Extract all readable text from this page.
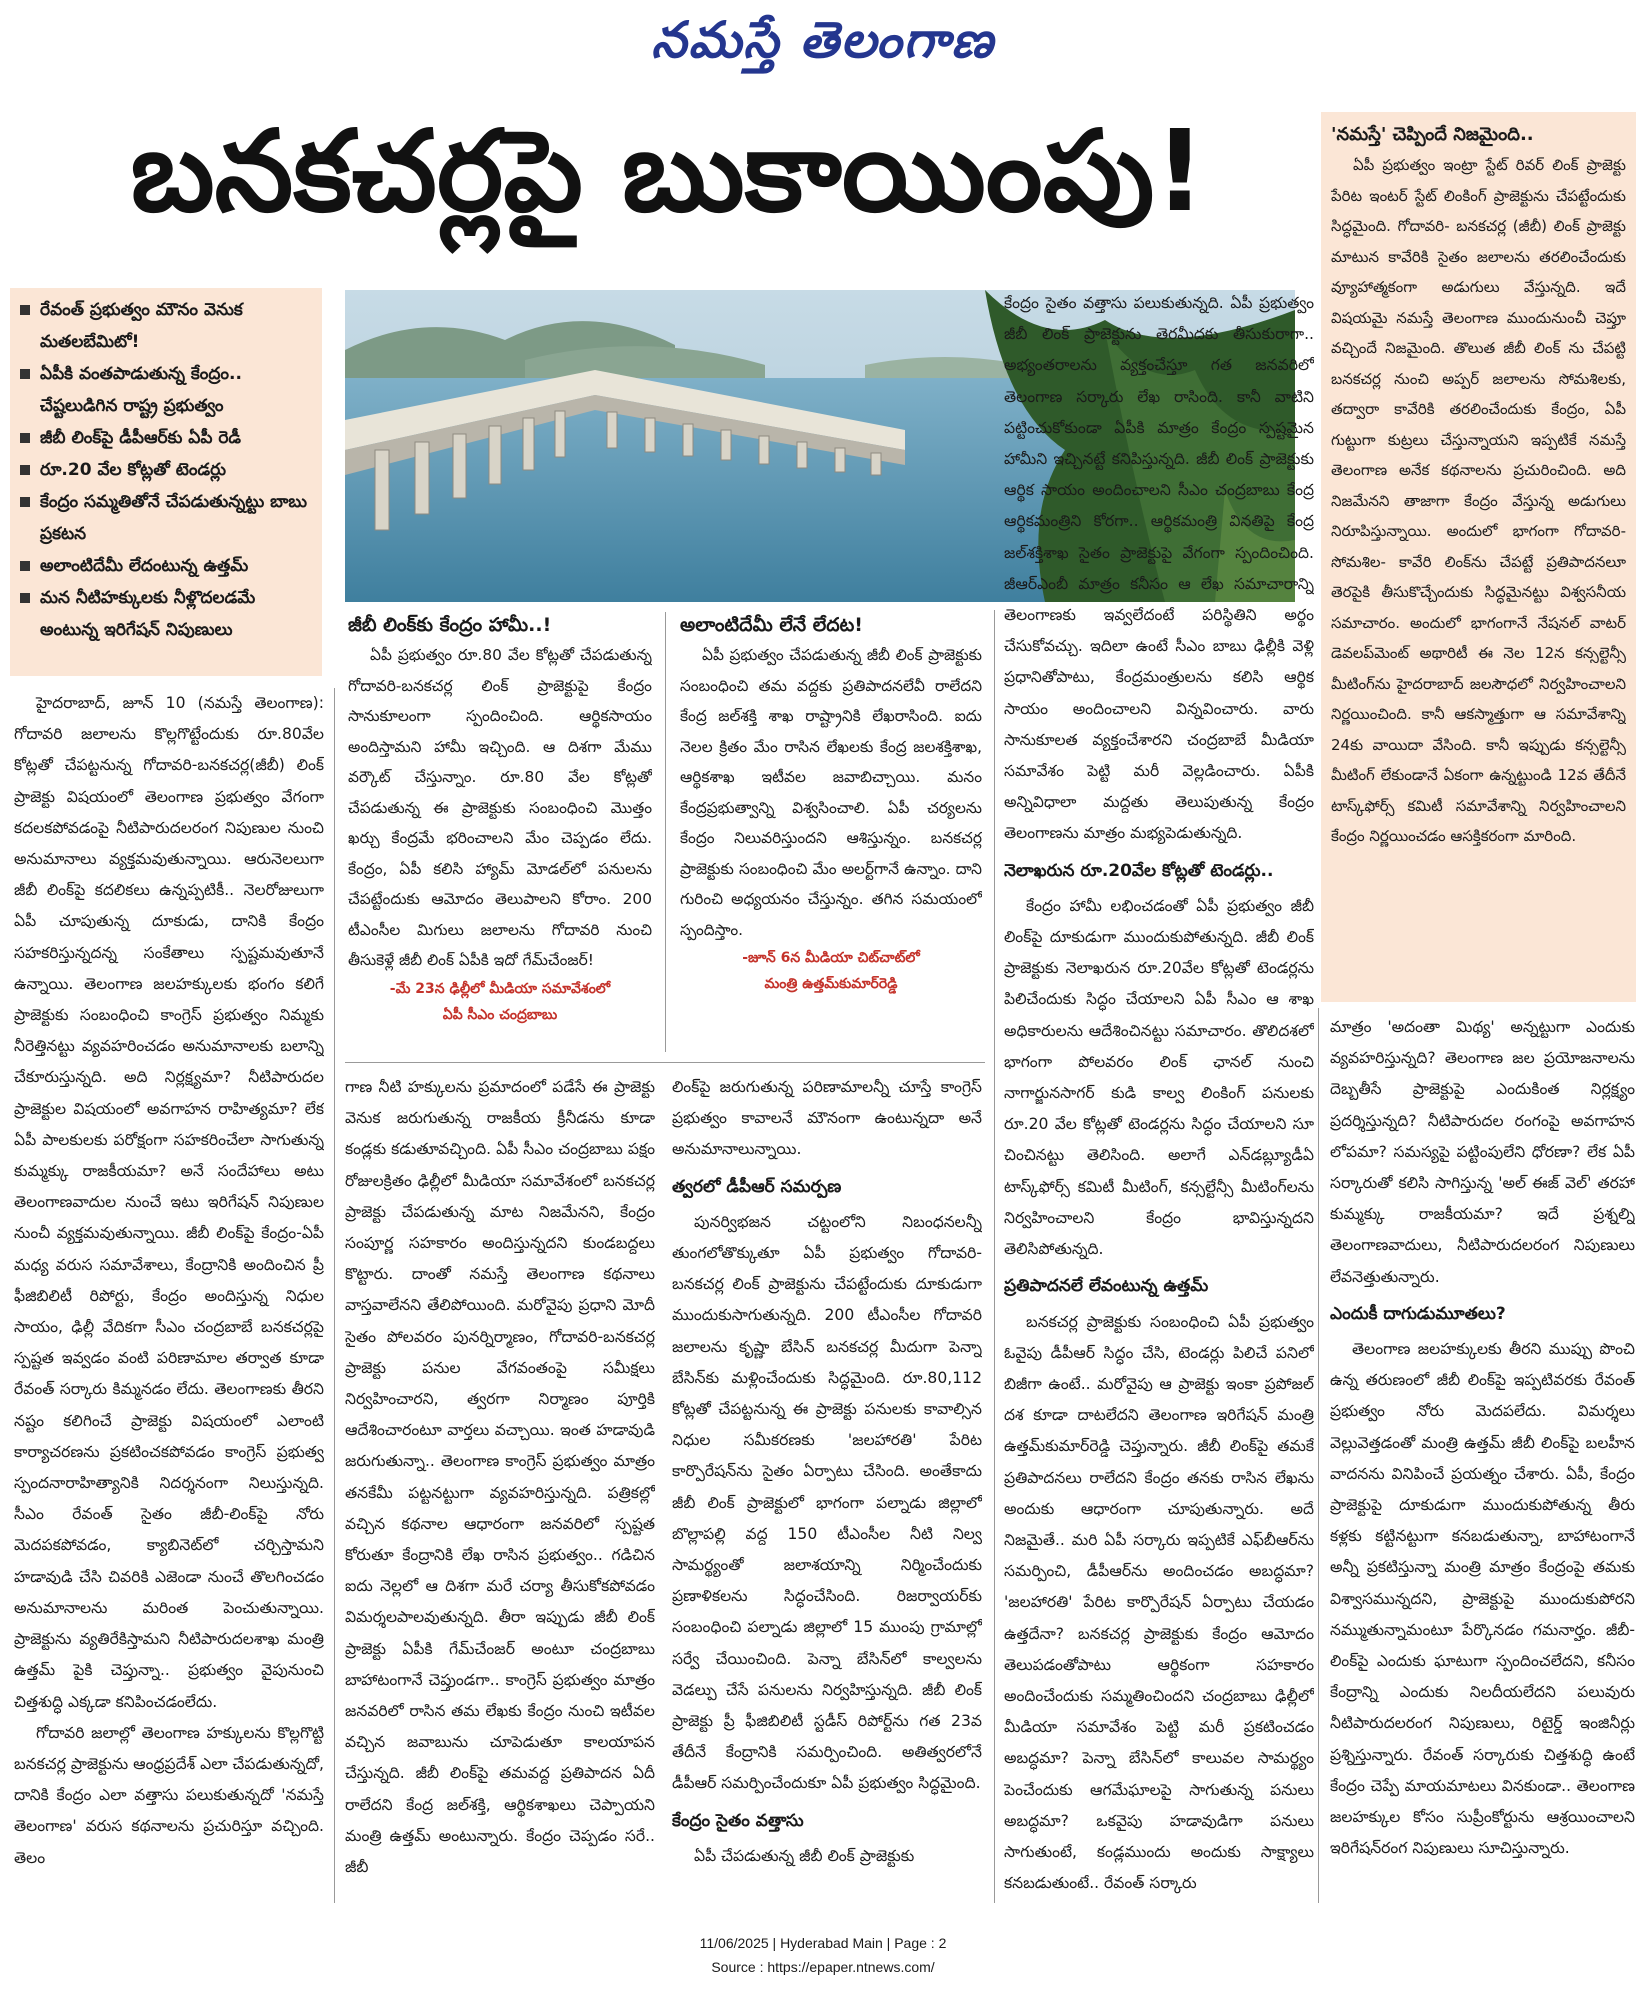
నమస్తే తెలంగాణ
బనకచర్లపై బుకాయింపు!	'నమస్తే' చెప్పిందే నిజమైంది..

ఏపీ ప్రభుత్వం ఇంట్రా స్టేట్ రివర్ లింక్ ప్రాజెక్టు పేరిట ఇంటర్ స్టేట్ లింకింగ్ ప్రాజెక్టును చేపట్టేందుకు సిద్ధమైంది. గోదావరి- బనకచర్ల (జీబీ) లింక్ ప్రాజెక్టు మాటున కావేరికి సైతం జలాలను తరలించేందుకు వ్యూహాత్మకంగా అడుగులు వేస్తున్నది. ఇదే విషయమై నమస్తే తెలంగాణ ముందునుంచీ చెప్తూ వచ్చిందే నిజమైంది. తొలుత జీబీ లింక్ ను చేపట్టి బనకచర్ల నుంచి అప్పర్ జలాలను సోమశిలకు, తద్వారా కావేరికి తరలించేందుకు కేంద్రం, ఏపీ గుట్టుగా కుట్రలు చేస్తున్నాయని ఇప్పటికే నమస్తే తెలంగాణ అనేక కథనాలను ప్రచురించింది. అది నిజమేనని తాజాగా కేంద్రం వేస్తున్న అడుగులు నిరూపిస్తున్నాయి. అందులో భాగంగా గోదావరి- సోమశిల- కావేరి లింక్‌ను చేపట్టే ప్రతిపాదనలూ తెరపైకి తీసుకొచ్చేందుకు సిద్ధమైనట్టు విశ్వసనీయ సమాచారం. అందులో భాగంగానే నేషనల్ వాటర్ డెవలప్‌మెంట్ అథారిటీ ఈ నెల 12న కన్సల్టెన్సీ మీటింగ్‌ను హైదరాబాద్ జలసౌధలో నిర్వహించాలని నిర్ణయించింది. కానీ ఆకస్మాత్తుగా ఆ సమావేశాన్ని 24కు వాయిదా వేసింది. కానీ ఇప్పుడు కన్సల్టెన్సీ మీటింగ్ లేకుండానే ఏకంగా ఉన్నట్టుండి 12వ తేదీనే టాస్క్‌ఫోర్స్ కమిటీ సమావేశాన్ని నిర్వహించాలని కేంద్రం నిర్ణయించడం ఆసక్తికరంగా మారింది.

రేవంత్ ప్రభుత్వం మౌనం వెనుక మతలబేమిటో!
ఏపీకి వంతపాడుతున్న కేంద్రం.. చేష్టలుడిగిన రాష్ట్ర ప్రభుత్వం
జీబీ లింక్‌పై డీపీఆర్‌కు ఏపీ రెడీ
రూ.20 వేల కోట్లతో టెండర్లు
కేంద్రం సమ్మతితోనే చేపడుతున్నట్టు బాబు ప్రకటన
అలాంటిదేమీ లేదంటున్న ఉత్తమ్
మన నీటిహక్కులకు నీళ్లొదలడమే అంటున్న ఇరిగేషన్ నిపుణులు	జీబీ లింక్‌కు కేంద్రం హామీ..!

ఏపీ ప్రభుత్వం రూ.80 వేల కోట్లతో చేపడుతున్న గోదావరి-బనకచర్ల లింక్ ప్రాజెక్టుపై కేంద్రం సానుకూలంగా స్పందించింది. ఆర్థికసాయం అందిస్తామని హామీ ఇచ్చింది. ఆ దిశగా మేము వర్కౌట్ చేస్తున్నాం. రూ.80 వేల కోట్లతో చేపడుతున్న ఈ ప్రాజెక్టుకు సంబంధించి మొత్తం ఖర్చు కేంద్రమే భరించాలని మేం చెప్పడం లేదు. కేంద్రం, ఏపీ కలిసి హ్యామ్ మోడల్‌లో పనులను చేపట్టేందుకు ఆమోదం తెలుపాలని కోరాం. 200 టీఎంసీల మిగులు జలాలను గోదావరి నుంచి తీసుకెళ్లే జీబీ లింక్ ఏపీకి ఇదో గేమ్‌చేంజర్!

-మే 23న ఢిల్లీలో మీడియా సమావేశంలో
ఏపీ సీఎం చంద్రబాబు
అలాంటిదేమీ లేనే లేదట!

ఏపీ ప్రభుత్వం చేపడుతున్న జీబీ లింక్ ప్రాజెక్టుకు సంబంధించి తమ వద్దకు ప్రతిపాదనలేవీ రాలేదని కేంద్ర జల్‌శక్తి శాఖ రాష్ట్రానికి లేఖరాసింది. ఐదు నెలల క్రితం మేం రాసిన లేఖలకు కేంద్ర జలశక్తిశాఖ, ఆర్థికశాఖ ఇటీవల జవాబిచ్చాయి. మనం కేంద్రప్రభుత్వాన్ని విశ్వసించాలి. ఏపీ చర్యలను కేంద్రం నిలువరిస్తుందని ఆశిస్తున్నం. బనకచర్ల ప్రాజెక్టుకు సంబంధించి మేం అలర్ట్‌గానే ఉన్నాం. దాని గురించి అధ్యయనం చేస్తున్నం. తగిన సమయంలో స్పందిస్తాం.

-జూన్ 6న మీడియా చిట్‌చాట్‌లో
మంత్రి ఉత్తమ్‌కుమార్‌రెడ్డి

హైదరాబాద్, జూన్ 10 (నమస్తే తెలంగాణ): గోదావరి జలాలను కొల్లగొట్టేందుకు రూ.80వేల కోట్లతో చేపట్టనున్న గోదావరి-బనకచర్ల(జీబీ) లింక్ ప్రాజెక్టు విషయంలో తెలంగాణ ప్రభుత్వం వేగంగా కదలకపోవడంపై నీటిపారుదలరంగ నిపుణుల నుంచి అనుమానాలు వ్యక్తమవుతున్నాయి. ఆరునెలలుగా జీబీ లింక్‌పై కదలికలు ఉన్నప్పటికీ.. నెలరోజులుగా ఏపీ చూపుతున్న దూకుడు, దానికి కేంద్రం సహకరిస్తున్నదన్న సంకేతాలు స్పష్టమవుతూనే ఉన్నాయి. తెలంగాణ జలహక్కులకు భంగం కలిగే ప్రాజెక్టుకు సంబంధించి కాంగ్రెస్ ప్రభుత్వం నిమ్మకు నీరెత్తినట్టు వ్యవహరించడం అనుమానాలకు బలాన్ని చేకూరుస్తున్నది. అది నిర్లక్ష్యమా? నీటిపారుదల ప్రాజెక్టుల విషయంలో అవగాహన రాహిత్యమా? లేక ఏపీ పాలకులకు పరోక్షంగా సహకరించేలా సాగుతున్న కుమ్మక్కు రాజకీయమా? అనే సందేహాలు అటు తెలంగాణవాదుల నుంచే ఇటు ఇరిగేషన్ నిపుణుల నుంచీ వ్యక్తమవుతున్నాయి. జీబీ లింక్‌పై కేంద్రం-ఏపీ మధ్య వరుస సమావేశాలు, కేంద్రానికి అందించిన ప్రీ ఫీజిబిలిటీ రిపోర్టు, కేంద్రం అందిస్తున్న నిధుల సాయం, ఢిల్లీ వేదికగా సీఎం చంద్రబాబే బనకచర్లపై స్పష్టత ఇవ్వడం వంటి పరిణామాల తర్వాత కూడా రేవంత్ సర్కారు కిమ్మనడం లేదు. తెలంగాణకు తీరని నష్టం కలిగించే ప్రాజెక్టు విషయంలో ఎలాంటి కార్యాచరణను ప్రకటించకపోవడం కాంగ్రెస్ ప్రభుత్వ స్పందనారాహిత్యానికి నిదర్శనంగా నిలుస్తున్నది. సీఎం రేవంత్ సైతం జీబీ-లింక్‌పై నోరు మెదపకపోవడం, క్యాబినెట్‌లో చర్చిస్తామని హడావుడి చేసి చివరికి ఎజెండా నుంచే తొలగించడం అనుమానాలను మరింత పెంచుతున్నాయి. ప్రాజెక్టును వ్యతిరేకిస్తామని నీటిపారుదలశాఖ మంత్రి ఉత్తమ్ పైకి చెప్తున్నా.. ప్రభుత్వం వైపునుంచి చిత్తశుద్ధి ఎక్కడా కనిపించడంలేదు.

గోదావరి జలాల్లో తెలంగాణ హక్కులను కొల్లగొట్టి బనకచర్ల ప్రాజెక్టును ఆంధ్రప్రదేశ్ ఎలా చేపడుతున్నదో, దానికి కేంద్రం ఎలా వత్తాసు పలుకుతున్నదో 'నమస్తే తెలంగాణ' వరుస కథనాలను ప్రచురిస్తూ వచ్చింది. తెలం

గాణ నీటి హక్కులను ప్రమాదంలో పడేసే ఈ ప్రాజెక్టు వెనుక జరుగుతున్న రాజకీయ క్రీనీడను కూడా కండ్లకు కడుతూవచ్చింది. ఏపీ సీఎం చంద్రబాబు పక్షం రోజులక్రితం ఢిల్లీలో మీడియా సమావేశంలో బనకచర్ల ప్రాజెక్టు చేపడుతున్న మాట నిజమేనని, కేంద్రం సంపూర్ణ సహకారం అందిస్తున్నదని కుండబద్దలు కొట్టారు. దాంతో నమస్తే తెలంగాణ కథనాలు వాస్తవాలేనని తేలిపోయింది. మరోవైపు ప్రధాని మోదీ సైతం పోలవరం పునర్నిర్మాణం, గోదావరి-బనకచర్ల ప్రాజెక్టు పనుల వేగవంతంపై సమీక్షలు నిర్వహించారని, త్వరగా నిర్మాణం పూర్తికి ఆదేశించారంటూ వార్తలు వచ్చాయి. ఇంత హడావుడి జరుగుతున్నా.. తెలంగాణ కాంగ్రెస్ ప్రభుత్వం మాత్రం తనకేమీ పట్టనట్టుగా వ్యవహరిస్తున్నది. పత్రికల్లో వచ్చిన కథనాల ఆధారంగా జనవరిలో స్పష్టత కోరుతూ కేంద్రానికి లేఖ రాసిన ప్రభుత్వం.. గడిచిన ఐదు నెల్లలో ఆ దిశగా మరే చర్యా తీసుకోకపోవడం విమర్శలపాలవుతున్నది. తీరా ఇప్పుడు జీబీ లింక్ ప్రాజెక్టు ఏపీకి గేమ్‌చేంజర్ అంటూ చంద్రబాబు బాహాటంగానే చెప్తుండగా.. కాంగ్రెస్ ప్రభుత్వం మాత్రం జనవరిలో రాసిన తమ లేఖకు కేంద్రం నుంచి ఇటీవల వచ్చిన జవాబును చూపెడుతూ కాలయాపన చేస్తున్నది. జీబీ లింక్‌పై తమవద్ద ప్రతిపాదన ఏదీ రాలేదని కేంద్ర జల్‌శక్తి, ఆర్థికశాఖలు చెప్పాయని మంత్రి ఉత్తమ్ అంటున్నారు. కేంద్రం చెప్పడం సరే.. జీబీ

లింక్‌పై జరుగుతున్న పరిణామాలన్నీ చూస్తే కాంగ్రెస్ ప్రభుత్వం కావాలనే మౌనంగా ఉంటున్నదా అనే అనుమానాలున్నాయి.

త్వరలో డీపీఆర్ సమర్పణ

పునర్విభజన చట్టంలోని నిబంధనలన్నీ తుంగలోతొక్కుతూ ఏపీ ప్రభుత్వం గోదావరి- బనకచర్ల లింక్ ప్రాజెక్టును చేపట్టేందుకు దూకుడుగా ముందుకుసాగుతున్నది. 200 టీఎంసీల గోదావరి జలాలను కృష్ణా బేసిన్ బనకచర్ల మీదుగా పెన్నా బేసిన్‌కు మళ్లించేందుకు సిద్ధమైంది. రూ.80,112 కోట్లతో చేపట్టనున్న ఈ ప్రాజెక్టు పనులకు కావాల్సిన నిధుల సమీకరణకు 'జలహారతి' పేరిట కార్పొరేషన్‌ను సైతం ఏర్పాటు చేసింది. అంతేకాదు జీబీ లింక్ ప్రాజెక్టులో భాగంగా పల్నాడు జిల్లాలో బొల్లాపల్లి వద్ద 150 టీఎంసీల నీటి నిల్వ సామర్థ్యంతో జలాశయాన్ని నిర్మించేందుకు ప్రణాళికలను సిద్ధంచేసింది. రిజర్వాయర్‌కు సంబంధించి పల్నాడు జిల్లాలో 15 ముంపు గ్రామాల్లో సర్వే చేయించింది. పెన్నా బేసిన్‌లో కాల్వలను వెడల్పు చేసే పనులను నిర్వహిస్తున్నది. జీబీ లింక్ ప్రాజెక్టు ప్రీ ఫీజిబిలిటీ స్టడీస్ రిపోర్ట్‌ను గత 23వ తేదీనే కేంద్రానికి సమర్పించింది. అతిత్వరలోనే డీపీఆర్ సమర్పించేందుకూ ఏపీ ప్రభుత్వం సిద్ధమైంది.

కేంద్రం సైతం వత్తాసు

ఏపీ చేపడుతున్న జీబీ లింక్ ప్రాజెక్టుకు

కేంద్రం సైతం వత్తాసు పలుకుతున్నది. ఏపీ ప్రభుత్వం జీబీ లింక్ ప్రాజెక్టును తెరమీదకు తీసుకురాగా.. అభ్యంతరాలను వ్యక్తంచేస్తూ గత జనవరిలో తెలంగాణ సర్కారు లేఖ రాసింది. కానీ వాటిని పట్టించుకోకుండా ఏపీకి మాత్రం కేంద్రం స్పష్టమైన హామీని ఇచ్చినట్టే కనిపిస్తున్నది. జీబీ లింక్ ప్రాజెక్టుకు ఆర్థిక సాయం అందించాలని సీఎం చంద్రబాబు కేంద్ర ఆర్థికమంత్రిని కోరగా.. ఆర్థికమంత్రి వినతిపై కేంద్ర జల్‌శక్తిశాఖ సైతం ప్రాజెక్టుపై వేగంగా స్పందించింది. జీఆర్‌ఎంబీ మాత్రం కనీసం ఆ లేఖ సమాచారాన్ని తెలంగాణకు ఇవ్వలేదంటే పరిస్థితిని అర్థం చేసుకోవచ్చు. ఇదిలా ఉంటే సీఎం బాబు ఢిల్లీకి వెళ్లి ప్రధానితోపాటు, కేంద్రమంత్రులను కలిసి ఆర్థిక సాయం అందించాలని విన్నవించారు. వారు సానుకూలత వ్యక్తంచేశారని చంద్రబాబే మీడియా సమావేశం పెట్టి మరీ వెల్లడించారు. ఏపీకి అన్నివిధాలా మద్దతు తెలుపుతున్న కేంద్రం తెలంగాణను మాత్రం మభ్యపెడుతున్నది.

నెలాఖరున రూ.20వేల కోట్లతో టెండర్లు..

కేంద్రం హామీ లభించడంతో ఏపీ ప్రభుత్వం జీబీ లింక్‌పై దూకుడుగా ముందుకుపోతున్నది. జీబీ లింక్ ప్రాజెక్టుకు నెలాఖరున రూ.20వేల కోట్లతో టెండర్లను పిలిచేందుకు సిద్ధం చేయాలని ఏపీ సీఎం ఆ శాఖ అధికారులను ఆదేశించినట్టు సమాచారం. తొలిదశలో భాగంగా పోలవరం లింక్ ఛానల్ నుంచి నాగార్జునసాగర్ కుడి కాల్వ లింకింగ్ పనులకు రూ.20 వేల కోట్లతో టెండర్లను సిద్ధం చేయాలని సూ చించినట్టు తెలిసింది. అలాగే ఎన్‌డబ్ల్యూడీఏ టాస్క్‌ఫోర్స్ కమిటీ మీటింగ్, కన్సల్టేన్సీ మీటింగ్‌లను నిర్వహించాలని కేంద్రం భావిస్తున్నదని తెలిసిపోతున్నది.

ప్రతిపాదనలే లేవంటున్న ఉత్తమ్

బనకచర్ల ప్రాజెక్టుకు సంబంధించి ఏపీ ప్రభుత్వం ఓవైపు డీపీఆర్ సిద్ధం చేసి, టెండర్లు పిలిచే పనిలో బిజీగా ఉంటే.. మరోవైపు ఆ ప్రాజెక్టు ఇంకా ప్రపోజల్ దశ కూడా దాటలేదని తెలంగాణ ఇరిగేషన్ మంత్రి ఉత్తమ్‌కుమార్‌రెడ్డి చెప్తున్నారు. జీబీ లింక్‌పై తమకే ప్రతిపాదనలు రాలేదని కేంద్రం తనకు రాసిన లేఖను అందుకు ఆధారంగా చూపుతున్నారు. అదే నిజమైతే.. మరి ఏపీ సర్కారు ఇప్పటికే ఎఫ్‌బీఆర్‌ను సమర్పించి, డీపీఆర్‌ను అందించడం అబద్ధమా? 'జలహారతి' పేరిట కార్పొరేషన్ ఏర్పాటు చేయడం ఉత్తదేనా? బనకచర్ల ప్రాజెక్టుకు కేంద్రం ఆమోదం తెలుపడంతోపాటు ఆర్థికంగా సహకారం అందించేందుకు సమ్మతించిందని చంద్రబాబు ఢిల్లీలో మీడియా సమావేశం పెట్టి మరీ ప్రకటించడం అబద్ధమా? పెన్నా బేసిన్‌లో కాలువల సామర్థ్యం పెంచేందుకు ఆగమేఘాలపై సాగుతున్న పనులు అబద్ధమా? ఒకవైపు హడావుడిగా పనులు సాగుతుంటే, కండ్లముందు అందుకు సాక్ష్యాలు కనబడుతుంటే.. రేవంత్ సర్కారు

మాత్రం 'అదంతా మిథ్య' అన్నట్టుగా ఎందుకు వ్యవహరిస్తున్నది? తెలంగాణ జల ప్రయోజనాలను దెబ్బతీసే ప్రాజెక్టుపై ఎందుకింత నిర్లక్ష్యం ప్రదర్శిస్తున్నది? నీటిపారుదల రంగంపై అవగాహన లోపమా? సమస్యపై పట్టింపులేని ధోరణా? లేక ఏపీ సర్కారుతో కలిసి సాగిస్తున్న 'అల్ ఈజ్ వెల్' తరహా కుమ్మక్కు రాజకీయమా? ఇదే ప్రశ్నల్ని తెలంగాణవాదులు, నీటిపారుదలరంగ నిపుణులు లేవనెత్తుతున్నారు.

ఎందుకీ దాగుడుమూతలు?

తెలంగాణ జలహక్కులకు తీరని ముప్పు పొంచి ఉన్న తరుణంలో జీబీ లింక్‌పై ఇప్పటివరకు రేవంత్ ప్రభుత్వం నోరు మెదపలేదు. విమర్శలు వెల్లువెత్తడంతో మంత్రి ఉత్తమ్ జీబీ లింక్‌పై బలహీన వాదనను వినిపించే ప్రయత్నం చేశారు. ఏపీ, కేంద్రం ప్రాజెక్టుపై దూకుడుగా ముందుకుపోతున్న తీరు కళ్లకు కట్టినట్టుగా కనబడుతున్నా, బాహాటంగానే అన్నీ ప్రకటిస్తున్నా మంత్రి మాత్రం కేంద్రంపై తమకు విశ్వాసమున్నదని, ప్రాజెక్టుపై ముందుకుపోరని నమ్ముతున్నామంటూ పేర్కొనడం గమనార్హం. జీబీ-లింక్‌పై ఎందుకు ఘాటుగా స్పందించలేదని, కనీసం కేంద్రాన్ని ఎందుకు నిలదీయలేదని పలువురు నీటిపారుదలరంగ నిపుణులు, రిటైర్డ్ ఇంజినీర్లు ప్రశ్నిస్తున్నారు. రేవంత్ సర్కారుకు చిత్తశుద్ధి ఉంటే కేంద్రం చెప్పే మాయమాటలు వినకుండా.. తెలంగాణ జలహక్కుల కోసం సుప్రీంకోర్టును ఆశ్రయించాలని ఇరిగేషన్‌రంగ నిపుణులు సూచిస్తున్నారు.

11/06/2025 | Hyderabad Main | Page : 2
Source : https://epaper.ntnews.com/
